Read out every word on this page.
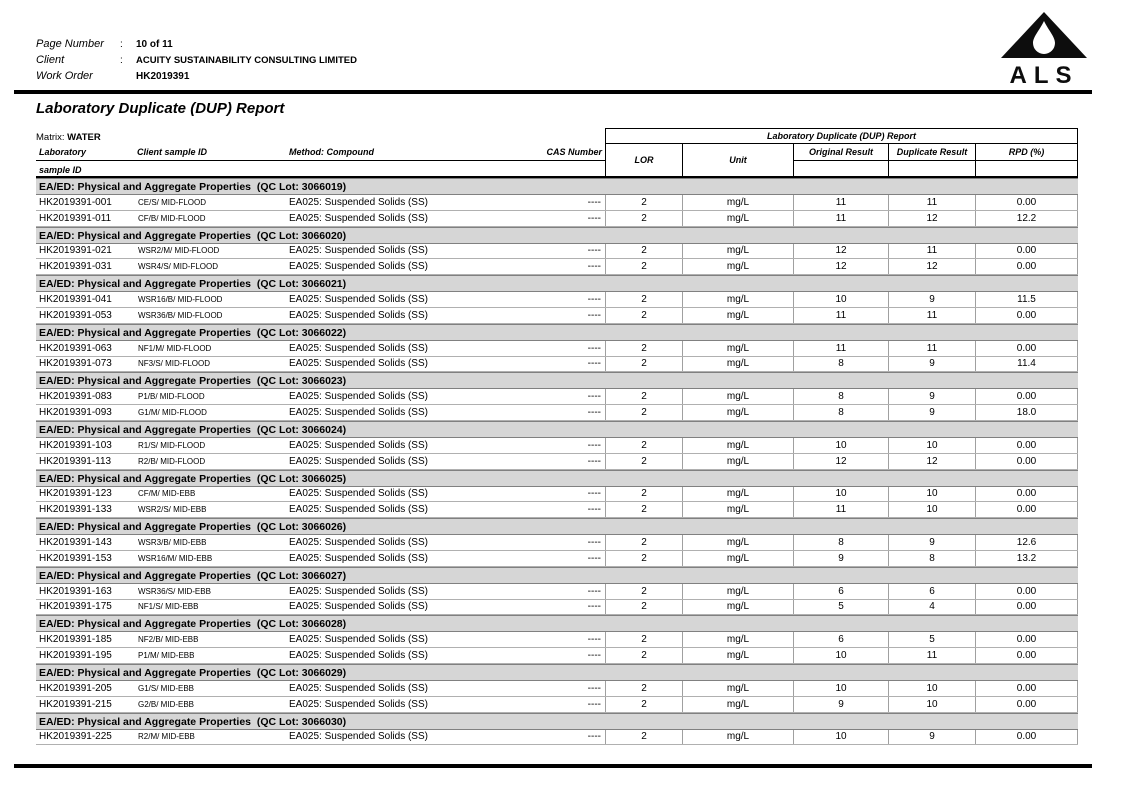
Page Number	:	10 of 11
Client	:	ACUITY SUSTAINABILITY CONSULTING LIMITED
Work Order	HK2019391	ALS
Laboratory Duplicate (DUP) Report
Matrix: WATER	Laboratory Duplicate (DUP) Report
Laboratory
sample ID
Client sample ID	Method: Compound	CAS Number
LOR	Unit
Original Result	Duplicate Result	RPD (%)
EA/ED: Physical and Aggregate Properties  (QC Lot: 3066019)
HK2019391-001	CE/S/ MID-FLOOD	EA025: Suspended Solids (SS)	----	2	mg/L	11	11	0.00
HK2019391-011	CF/B/ MID-FLOOD	EA025: Suspended Solids (SS)	----	2	mg/L	11	12	12.2
EA/ED: Physical and Aggregate Properties  (QC Lot: 3066020)
HK2019391-021	WSR2/M/ MID-FLOOD	EA025: Suspended Solids (SS)	----	2	mg/L	12	11	0.00
HK2019391-031	WSR4/S/ MID-FLOOD	EA025: Suspended Solids (SS)	----	2	mg/L	12	12	0.00
EA/ED: Physical and Aggregate Properties  (QC Lot: 3066021)
HK2019391-041	WSR16/B/ MID-FLOOD	EA025: Suspended Solids (SS)	----	2	mg/L	10	9	11.5
HK2019391-053	WSR36/B/ MID-FLOOD	EA025: Suspended Solids (SS)	----	2	mg/L	11	11	0.00
EA/ED: Physical and Aggregate Properties  (QC Lot: 3066022)
HK2019391-063	NF1/M/ MID-FLOOD	EA025: Suspended Solids (SS)	----	2	mg/L	11	11	0.00
HK2019391-073	NF3/S/ MID-FLOOD	EA025: Suspended Solids (SS)	----	2	mg/L	8	9	11.4
EA/ED: Physical and Aggregate Properties  (QC Lot: 3066023)
HK2019391-083	P1/B/ MID-FLOOD	EA025: Suspended Solids (SS)	----	2	mg/L	8	9	0.00
HK2019391-093	G1/M/ MID-FLOOD	EA025: Suspended Solids (SS)	----	2	mg/L	8	9	18.0
EA/ED: Physical and Aggregate Properties  (QC Lot: 3066024)
HK2019391-103	R1/S/ MID-FLOOD	EA025: Suspended Solids (SS)	----	2	mg/L	10	10	0.00
HK2019391-113	R2/B/ MID-FLOOD	EA025: Suspended Solids (SS)	----	2	mg/L	12	12	0.00
EA/ED: Physical and Aggregate Properties  (QC Lot: 3066025)
HK2019391-123	CF/M/ MID-EBB	EA025: Suspended Solids (SS)	----	2	mg/L	10	10	0.00
HK2019391-133	WSR2/S/ MID-EBB	EA025: Suspended Solids (SS)	----	2	mg/L	11	10	0.00
EA/ED: Physical and Aggregate Properties  (QC Lot: 3066026)
HK2019391-143	WSR3/B/ MID-EBB	EA025: Suspended Solids (SS)	----	2	mg/L	8	9	12.6
HK2019391-153	WSR16/M/ MID-EBB	EA025: Suspended Solids (SS)	----	2	mg/L	9	8	13.2
EA/ED: Physical and Aggregate Properties  (QC Lot: 3066027)
HK2019391-163	WSR36/S/ MID-EBB	EA025: Suspended Solids (SS)	----	2	mg/L	6	6	0.00
HK2019391-175	NF1/S/ MID-EBB	EA025: Suspended Solids (SS)	----	2	mg/L	5	4	0.00
EA/ED: Physical and Aggregate Properties  (QC Lot: 3066028)
HK2019391-185	NF2/B/ MID-EBB	EA025: Suspended Solids (SS)	----	2	mg/L	6	5	0.00
HK2019391-195	P1/M/ MID-EBB	EA025: Suspended Solids (SS)	----	2	mg/L	10	11	0.00
EA/ED: Physical and Aggregate Properties  (QC Lot: 3066029)
HK2019391-205	G1/S/ MID-EBB	EA025: Suspended Solids (SS)	----	2	mg/L	10	10	0.00
HK2019391-215	G2/B/ MID-EBB	EA025: Suspended Solids (SS)	----	2	mg/L	9	10	0.00
EA/ED: Physical and Aggregate Properties  (QC Lot: 3066030)
HK2019391-225	R2/M/ MID-EBB	EA025: Suspended Solids (SS)	----	2	mg/L	10	9	0.00
